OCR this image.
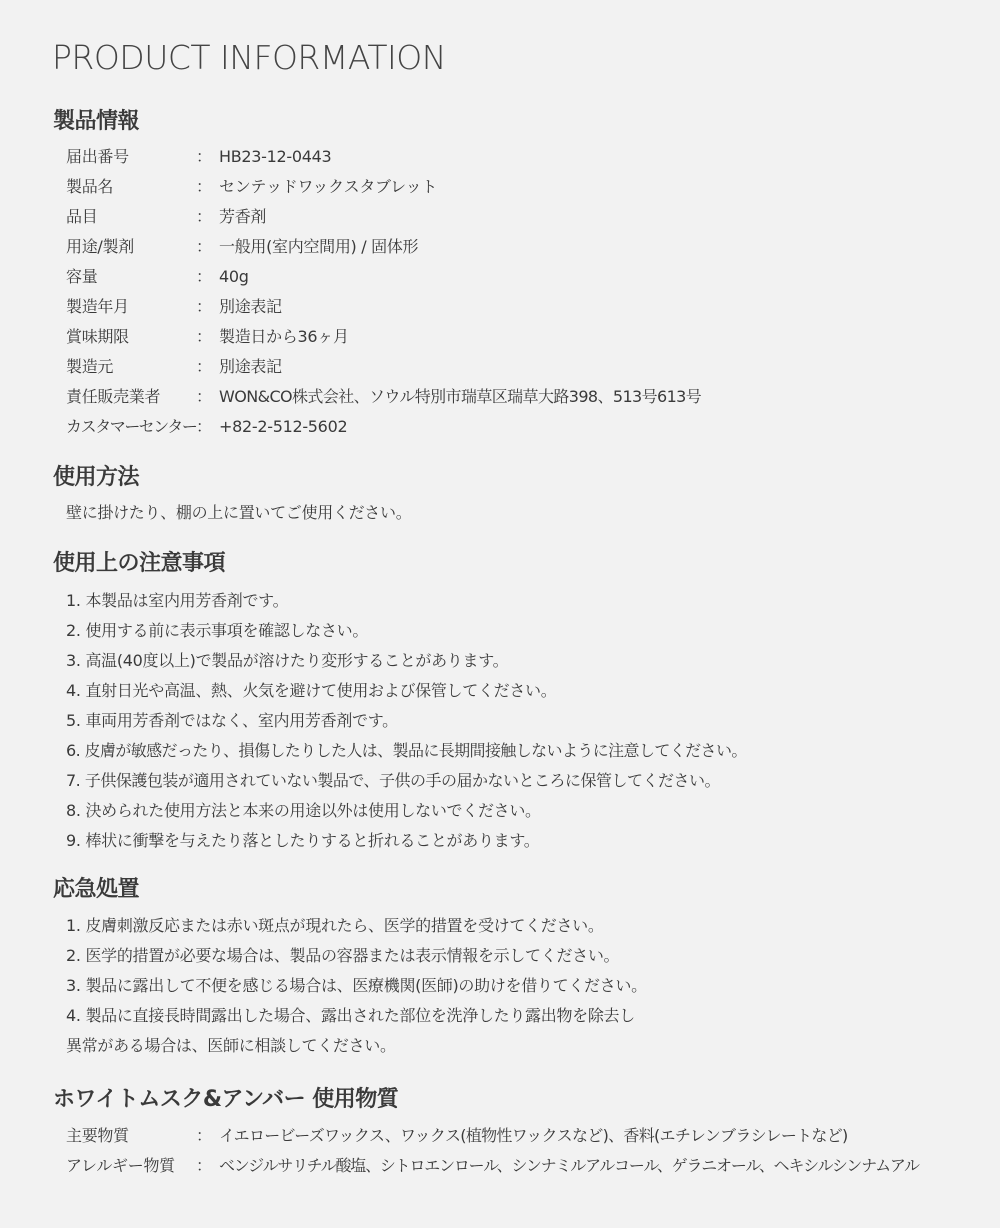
PRODUCT INFORMATION
製品情報
届出番号	： HB23-12-0443
製品名	： センテッドワックスタブレット
品目	： 芳香剤
用途/製剤	： 一般用(室内空間用) / 固体形
容量	： 40g
製造年月	： 別途表記
賞味期限	： 製造日から36ヶ月
製造元	： 別途表記
責任販売業者 ： WON&CO株式会社、ソウル特別市瑞草区瑞草大路398、513号613号
カスタマーセンター ： +82-2-512-5602
使用方法
壁に掛けたり、棚の上に置いてご使用ください。
使用上の注意事項
1. 本製品は室内用芳香剤です。
2. 使用する前に表示事項を確認しなさい。
3. 高温(40度以上)で製品が溶けたり変形することがあります。
4. 直射日光や高温、熱、火気を避けて使用および保管してください。
5. 車両用芳香剤ではなく、室内用芳香剤です。
6. 皮膚が敏感だったり、損傷したりした人は、製品に長期間接触しないように注意してください。
7. 子供保護包装が適用されていない製品で、子供の手の届かないところに保管してください。
8. 決められた使用方法と本来の用途以外は使用しないでください。
9. 棒状に衝撃を与えたり落としたりすると折れることがあります。
応急処置
1. 皮膚刺激反応または赤い斑点が現れたら、医学的措置を受けてください。
2. 医学的措置が必要な場合は、製品の容器または表示情報を示してください。
3. 製品に露出して不便を感じる場合は、医療機関(医師)の助けを借りてください。
4. 製品に直接長時間露出した場合、露出された部位を洗浄したり露出物を除去し
異常がある場合は、医師に相談してください。
ホワイトムスク&アンバー 使用物質
主要物質	： イエロービーズワックス、ワックス(植物性ワックスなど)、香料(エチレンブラシレートなど)
アレルギー物質 ： ベンジルサリチル酸塩、シトロエンロール、シンナミルアルコール、ゲラニオール、ヘキシルシンナムアル
